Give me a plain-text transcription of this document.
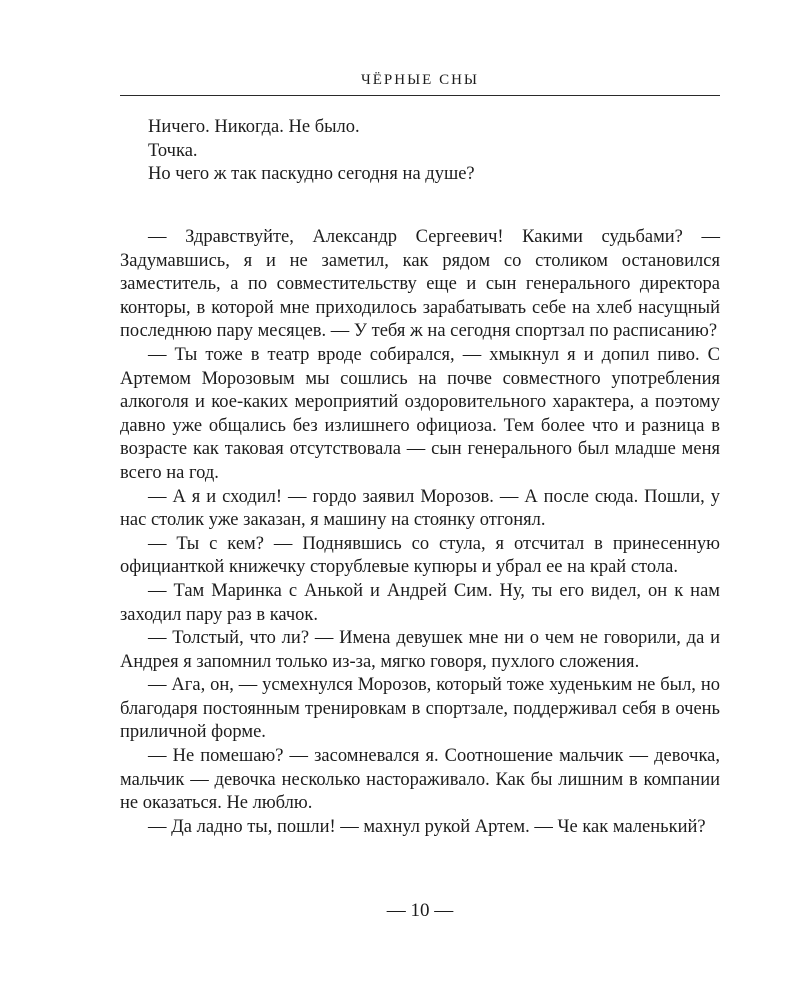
ЧЁРНЫЕ СНЫ

Ничего. Никогда. Не было.

Точка.

Но чего ж так паскудно сегодня на душе?

— Здравствуйте, Александр Сергеевич! Какими судьбами? — Задумавшись, я и не заметил, как рядом со столиком остановился заместитель, а по совместительству еще и сын генерального директора конторы, в которой мне приходилось зарабатывать себе на хлеб насущный последнюю пару месяцев. — У тебя ж на сегодня спортзал по расписанию?

— Ты тоже в театр вроде собирался, — хмыкнул я и допил пиво. С Артемом Морозовым мы сошлись на почве совместного употребления алкоголя и кое-каких мероприятий оздоровительного характера, а поэтому давно уже общались без излишнего официоза. Тем более что и разница в возрасте как таковая отсутствовала — сын генерального был младше меня всего на год.

— А я и сходил! — гордо заявил Морозов. — А после сюда. Пошли, у нас столик уже заказан, я машину на стоянку отгонял.

— Ты с кем? — Поднявшись со стула, я отсчитал в принесенную официанткой книжечку сторублевые купюры и убрал ее на край стола.

— Там Маринка с Анькой и Андрей Сим. Ну, ты его видел, он к нам заходил пару раз в качок.

— Толстый, что ли? — Имена девушек мне ни о чем не говорили, да и Андрея я запомнил только из-за, мягко говоря, пухлого сложения.

— Ага, он, — усмехнулся Морозов, который тоже худеньким не был, но благодаря постоянным тренировкам в спортзале, поддерживал себя в очень приличной форме.

— Не помешаю? — засомневался я. Соотношение мальчик — девочка, мальчик — девочка несколько настораживало. Как бы лишним в компании не оказаться. Не люблю.

— Да ладно ты, пошли! — махнул рукой Артем. — Че как маленький?

— 10 —
